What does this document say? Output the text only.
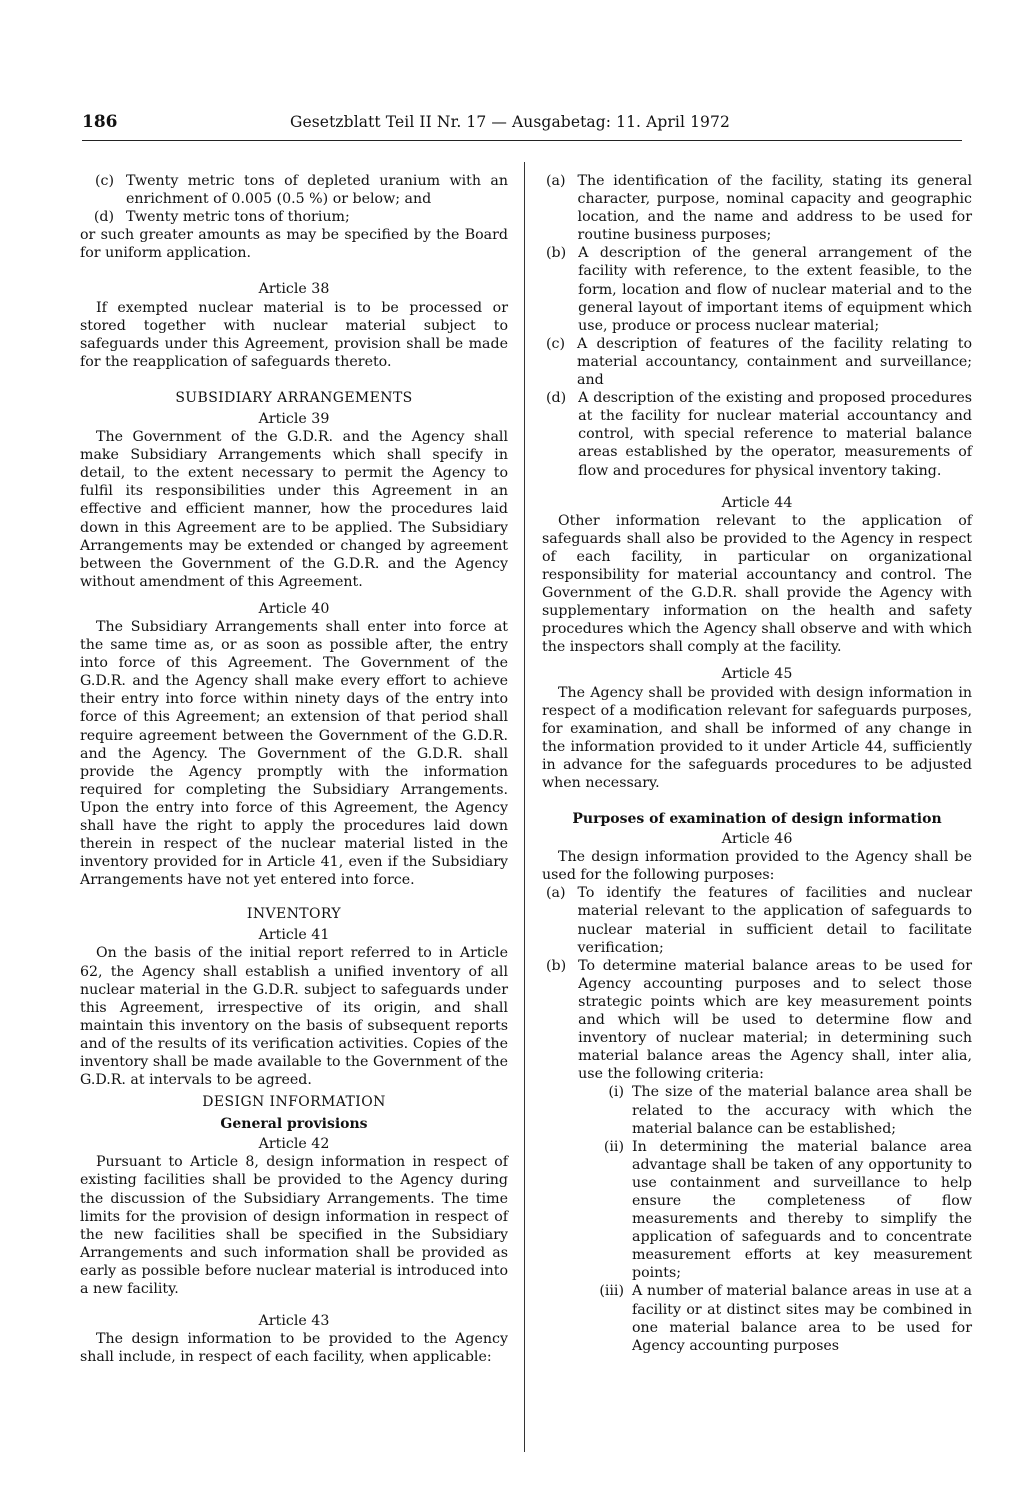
186	Gesetzblatt Teil II Nr. 17 — Ausgabetag: 11. April 1972
(c) Twenty metric tons of depleted uranium with an enrichment of 0.005 (0.5 %) or below; and

(d) Twenty metric tons of thorium;

or such greater amounts as may be specified by the Board for uniform application.

Article 38

If exempted nuclear material is to be processed or stored together with nuclear material subject to safeguards under this Agreement, provision shall be made for the reapplication of safeguards thereto.

SUBSIDIARY ARRANGEMENTS
Article 39

The Government of the G.D.R. and the Agency shall make Subsidiary Arrangements which shall specify in detail, to the extent necessary to permit the Agency to fulfil its responsibilities under this Agreement in an effective and efficient manner, how the procedures laid down in this Agreement are to be applied. The Subsidiary Arrangements may be extended or changed by agreement between the Government of the G.D.R. and the Agency without amendment of this Agreement.

Article 40

The Subsidiary Arrangements shall enter into force at the same time as, or as soon as possible after, the entry into force of this Agreement. The Government of the G.D.R. and the Agency shall make every effort to achieve their entry into force within ninety days of the entry into force of this Agreement; an extension of that period shall require agreement between the Government of the G.D.R. and the Agency. The Government of the G.D.R. shall provide the Agency promptly with the information required for completing the Subsidiary Arrangements. Upon the entry into force of this Agreement, the Agency shall have the right to apply the procedures laid down therein in respect of the nuclear material listed in the inventory provided for in Article 41, even if the Subsidiary Arrangements have not yet entered into force.

INVENTORY
Article 41

On the basis of the initial report referred to in Article 62, the Agency shall establish a unified inventory of all nuclear material in the G.D.R. subject to safeguards under this Agreement, irrespective of its origin, and shall maintain this inventory on the basis of subsequent reports and of the results of its verification activities. Copies of the inventory shall be made available to the Government of the G.D.R. at intervals to be agreed.

DESIGN INFORMATION
General provisions
Article 42

Pursuant to Article 8, design information in respect of existing facilities shall be provided to the Agency during the discussion of the Subsidiary Arrangements. The time limits for the provision of design information in respect of the new facilities shall be specified in the Subsidiary Arrangements and such information shall be provided as early as possible before nuclear material is introduced into a new facility.

Article 43

The design information to be provided to the Agency shall include, in respect of each facility, when applicable:

(a) The identification of the facility, stating its general character, purpose, nominal capacity and geographic location, and the name and address to be used for routine business purposes;

(b) A description of the general arrangement of the facility with reference, to the extent feasible, to the form, location and flow of nuclear material and to the general layout of important items of equipment which use, produce or process nuclear material;

(c) A description of features of the facility relating to material accountancy, containment and surveillance; and

(d) A description of the existing and proposed procedures at the facility for nuclear material accountancy and control, with special reference to material balance areas established by the operator, measurements of flow and procedures for physical inventory taking.

Article 44

Other information relevant to the application of safeguards shall also be provided to the Agency in respect of each facility, in particular on organizational responsibility for material accountancy and control. The Government of the G.D.R. shall provide the Agency with supplementary information on the health and safety procedures which the Agency shall observe and with which the inspectors shall comply at the facility.

Article 45

The Agency shall be provided with design information in respect of a modification relevant for safeguards purposes, for examination, and shall be informed of any change in the information provided to it under Article 44, sufficiently in advance for the safeguards procedures to be adjusted when necessary.

Purposes of examination of design information
Article 46

The design information provided to the Agency shall be used for the following purposes:

(a) To identify the features of facilities and nuclear material relevant to the application of safeguards to nuclear material in sufficient detail to facilitate verification;

(b) To determine material balance areas to be used for Agency accounting purposes and to select those strategic points which are key measurement points and which will be used to determine flow and inventory of nuclear material; in determining such material balance areas the Agency shall, inter alia, use the following criteria:

(i) The size of the material balance area shall be related to the accuracy with which the material balance can be established;

(ii) In determining the material balance area advantage shall be taken of any opportunity to use containment and surveillance to help ensure the completeness of flow measurements and thereby to simplify the application of safeguards and to concentrate measurement efforts at key measurement points;

(iii) A number of material balance areas in use at a facility or at distinct sites may be combined in one material balance area to be used for Agency accounting purposes
